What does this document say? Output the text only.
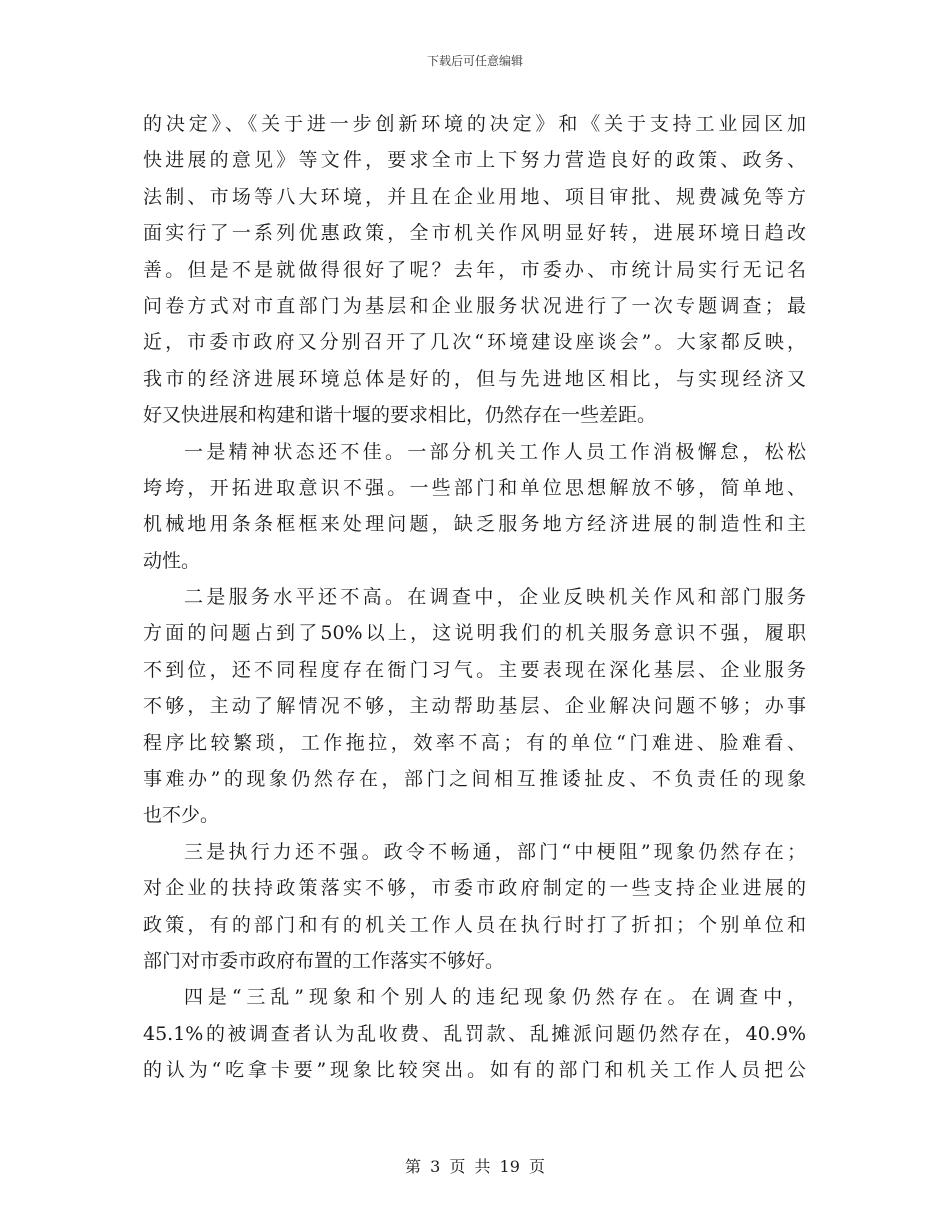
下载后可任意编辑
的决定》、《关于进一步创新环境的决定》和《关于支持工业园区加
快进展的意见》等文件，要求全市上下努力营造良好的政策、政务、
法制、市场等八大环境，并且在企业用地、项目审批、规费减免等方
面实行了一系列优惠政策，全市机关作风明显好转，进展环境日趋改
善。但是不是就做得很好了呢？去年，市委办、市统计局实行无记名
问卷方式对市直部门为基层和企业服务状况进行了一次专题调查；最
近，市委市政府又分别召开了几次“环境建设座谈会”。大家都反映，
我市的经济进展环境总体是好的，但与先进地区相比，与实现经济又
好又快进展和构建和谐十堰的要求相比，仍然存在一些差距。
一是精神状态还不佳。一部分机关工作人员工作消极懈怠，松松
垮垮，开拓进取意识不强。一些部门和单位思想解放不够，简单地、
机械地用条条框框来处理问题，缺乏服务地方经济进展的制造性和主
动性。
二是服务水平还不高。在调查中，企业反映机关作风和部门服务
方面的问题占到了50%以上，这说明我们的机关服务意识不强，履职
不到位，还不同程度存在衙门习气。主要表现在深化基层、企业服务
不够，主动了解情况不够，主动帮助基层、企业解决问题不够；办事
程序比较繁琐，工作拖拉，效率不高；有的单位“门难进、脸难看、
事难办”的现象仍然存在，部门之间相互推诿扯皮、不负责任的现象
也不少。
三是执行力还不强。政令不畅通，部门“中梗阻”现象仍然存在；
对企业的扶持政策落实不够，市委市政府制定的一些支持企业进展的
政策，有的部门和有的机关工作人员在执行时打了折扣；个别单位和
部门对市委市政府布置的工作落实不够好。
四是“三乱”现象和个别人的违纪现象仍然存在。在调查中，
45.1%的被调查者认为乱收费、乱罚款、乱摊派问题仍然存在，40.9%
的认为“吃拿卡要”现象比较突出。如有的部门和机关工作人员把公
第 3 页 共 19 页
